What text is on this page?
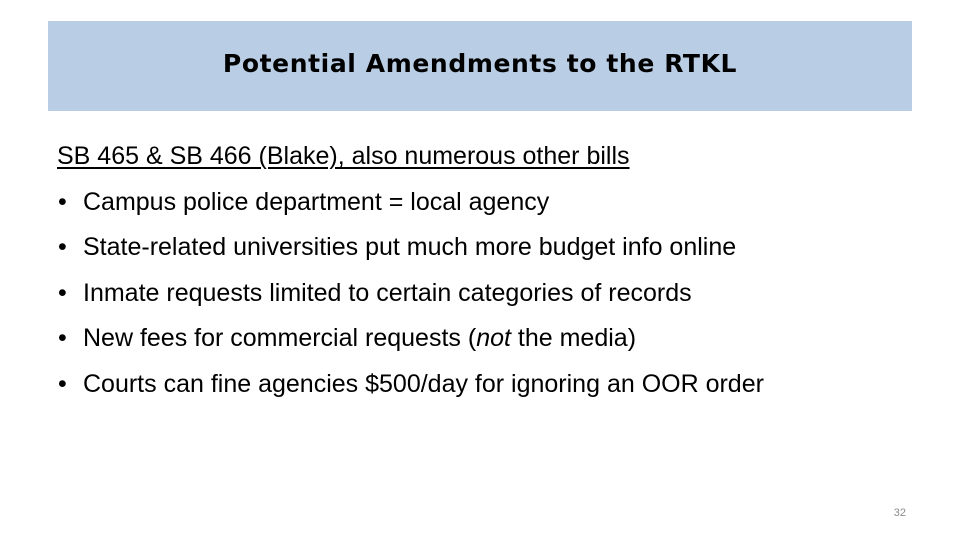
Potential Amendments to the RTKL
SB 465 & SB 466 (Blake), also numerous other bills
• Campus police department = local agency
• State-related universities put much more budget info online
• Inmate requests limited to certain categories of records
• New fees for commercial requests (not the media)
• Courts can fine agencies $500/day for ignoring an OOR order
32
